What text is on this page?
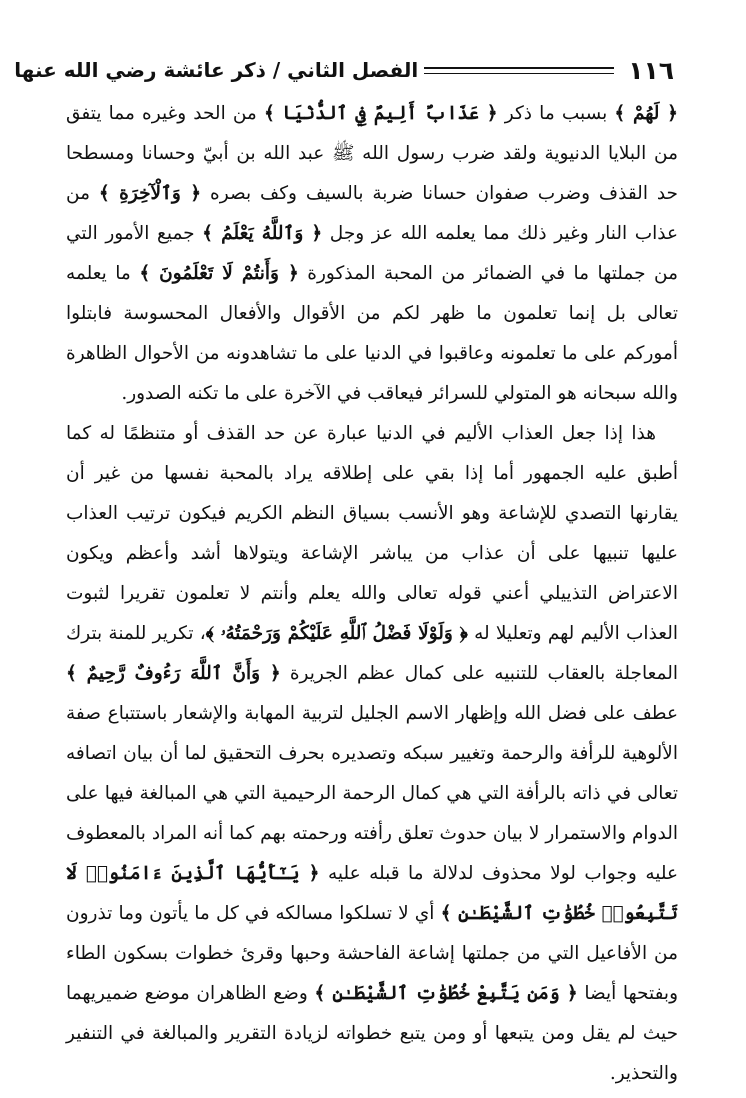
١١٦
الفصل الثاني / ذكر عائشة رضي الله عنها

﴿ لَهُمْ ﴾ بسبب ما ذكر ﴿ عَذَابٌ أَلِيمٌ فِي ٱلدُّنْيَا ﴾ من الحد وغيره مما يتفق من البلايا الدنيوية ولقد ضرب رسول الله ﷺ عبد الله بن أبيّ وحسانا ومسطحا حد القذف وضرب صفوان حسانا ضربة بالسيف وكف بصره ﴿ وَٱلْآخِرَةِ ﴾ من عذاب النار وغير ذلك مما يعلمه الله عز وجل ﴿ وَٱللَّهُ يَعْلَمُ ﴾ جميع الأمور التي من جملتها ما في الضمائر من المحبة المذكورة ﴿ وَأَنتُمْ لَا تَعْلَمُونَ ﴾ ما يعلمه تعالى بل إنما تعلمون ما ظهر لكم من الأقوال والأفعال المحسوسة فابتلوا أموركم على ما تعلمونه وعاقبوا في الدنيا على ما تشاهدونه من الأحوال الظاهرة والله سبحانه هو المتولي للسرائر فيعاقب في الآخرة على ما تكنه الصدور.

هذا إذا جعل العذاب الأليم في الدنيا عبارة عن حد القذف أو متنظمًا له كما أطبق عليه الجمهور أما إذا بقي على إطلاقه يراد بالمحبة نفسها من غير أن يقارنها التصدي للإشاعة وهو الأنسب بسياق النظم الكريم فيكون ترتيب العذاب عليها تنبيها على أن عذاب من يباشر الإشاعة ويتولاها أشد وأعظم ويكون الاعتراض التذييلي أعني قوله تعالى والله يعلم وأنتم لا تعلمون تقريرا لثبوت العذاب الأليم لهم وتعليلا له ﴿ وَلَوْلَا فَضْلُ ٱللَّهِ عَلَيْكُمْ وَرَحْمَتُهُۥ ﴾، تكرير للمنة بترك المعاجلة بالعقاب للتنبيه على كمال عظم الجريرة ﴿ وَأَنَّ ٱللَّهَ رَءُوفٌ رَّحِيمٌ ﴾ عطف على فضل الله وإظهار الاسم الجليل لتربية المهابة والإشعار باستتباع صفة الألوهية للرأفة والرحمة وتغيير سبكه وتصديره بحرف التحقيق لما أن بيان اتصافه تعالى في ذاته بالرأفة التي هي كمال الرحمة الرحيمية التي هي المبالغة فيها على الدوام والاستمرار لا بيان حدوث تعلق رأفته ورحمته بهم كما أنه المراد بالمعطوف عليه وجواب لولا محذوف لدلالة ما قبله عليه ﴿ يَـٰٓأَيُّهَا ٱلَّذِينَ ءَامَنُوا۟ لَا تَتَّبِعُوا۟ خُطُوَٰتِ ٱلشَّيْطَـٰنِ ﴾ أي لا تسلكوا مسالكه في كل ما يأتون وما تذرون من الأفاعيل التي من جملتها إشاعة الفاحشة وحبها وقرئ خطوات بسكون الطاء وبفتحها أيضا ﴿ وَمَن يَتَّبِعْ خُطُوَٰتِ ٱلشَّيْطَـٰنِ ﴾ وضع الظاهران موضع ضميريهما حيث لم يقل ومن يتبعها أو ومن يتبع خطواته لزيادة التقرير والمبالغة في التنفير والتحذير.
